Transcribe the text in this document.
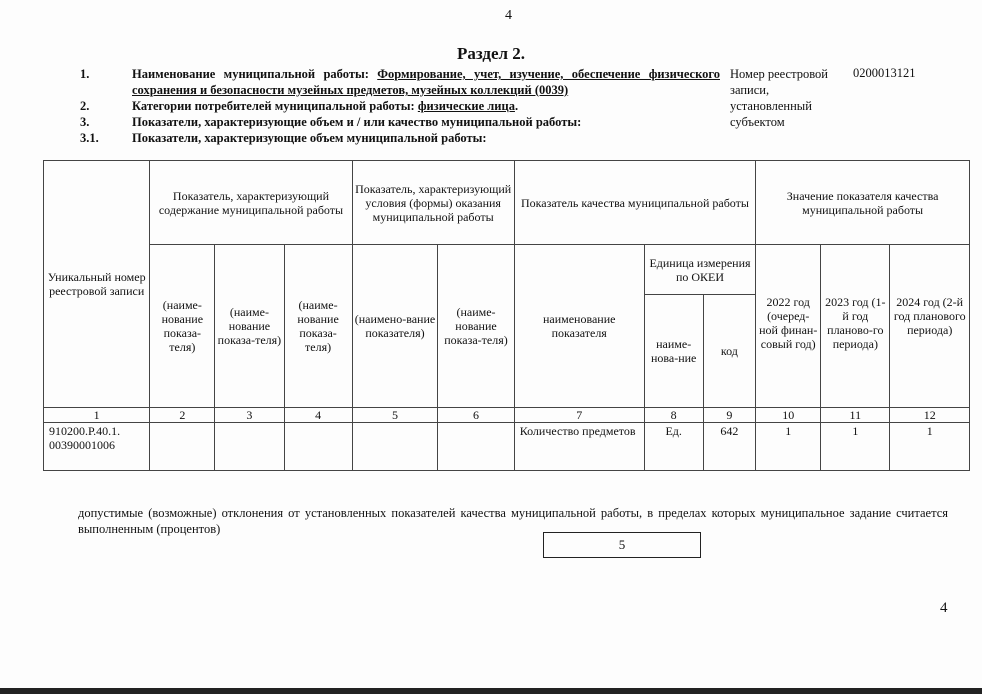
4
Раздел 2.
1.	Наименование муниципальной работы: Формирование, учет, изучение, обеспечение физического сохранения и безопасности музейных предметов, музейных коллекций (0039)
2.	Категории потребителей муниципальной работы: физические лица.
3.	Показатели, характеризующие объем и / или качество муниципальной работы:
3.1.	Показатели, характеризующие объем муниципальной работы:
Номер реестровой записи, установленный субъектом
0200013121
Уникальный номер реестровой записи	Показатель, характеризующий содержание муниципальной работы			Показатель, характеризующий условия (формы) оказания муниципальной работы		Показатель качества муниципальной работы			Значение показателя качества муниципальной работы		
	(наиме-нование показа-теля)	(наиме-нование показа-теля)	(наиме-нование показа-теля)	(наимено-вание показателя)	(наиме-нование показа-теля)	наименование показателя	Единица измерения по ОКЕИ		2022 год (очеред-ной финан-совый год)	2023 год (1-й год планово-го периода)	2024 год (2-й год планового периода)
							наиме-нова-ние	код			
1	2	3	4	5	6	7	8	9	10	11	12
910200.Р.40.1. 00390001006						Количество предметов	Ед.	642	1	1	1
допустимые (возможные) отклонения от установленных показателей качества муниципальной работы, в пределах которых муниципальное задание считается выполненным (процентов)
5
4
